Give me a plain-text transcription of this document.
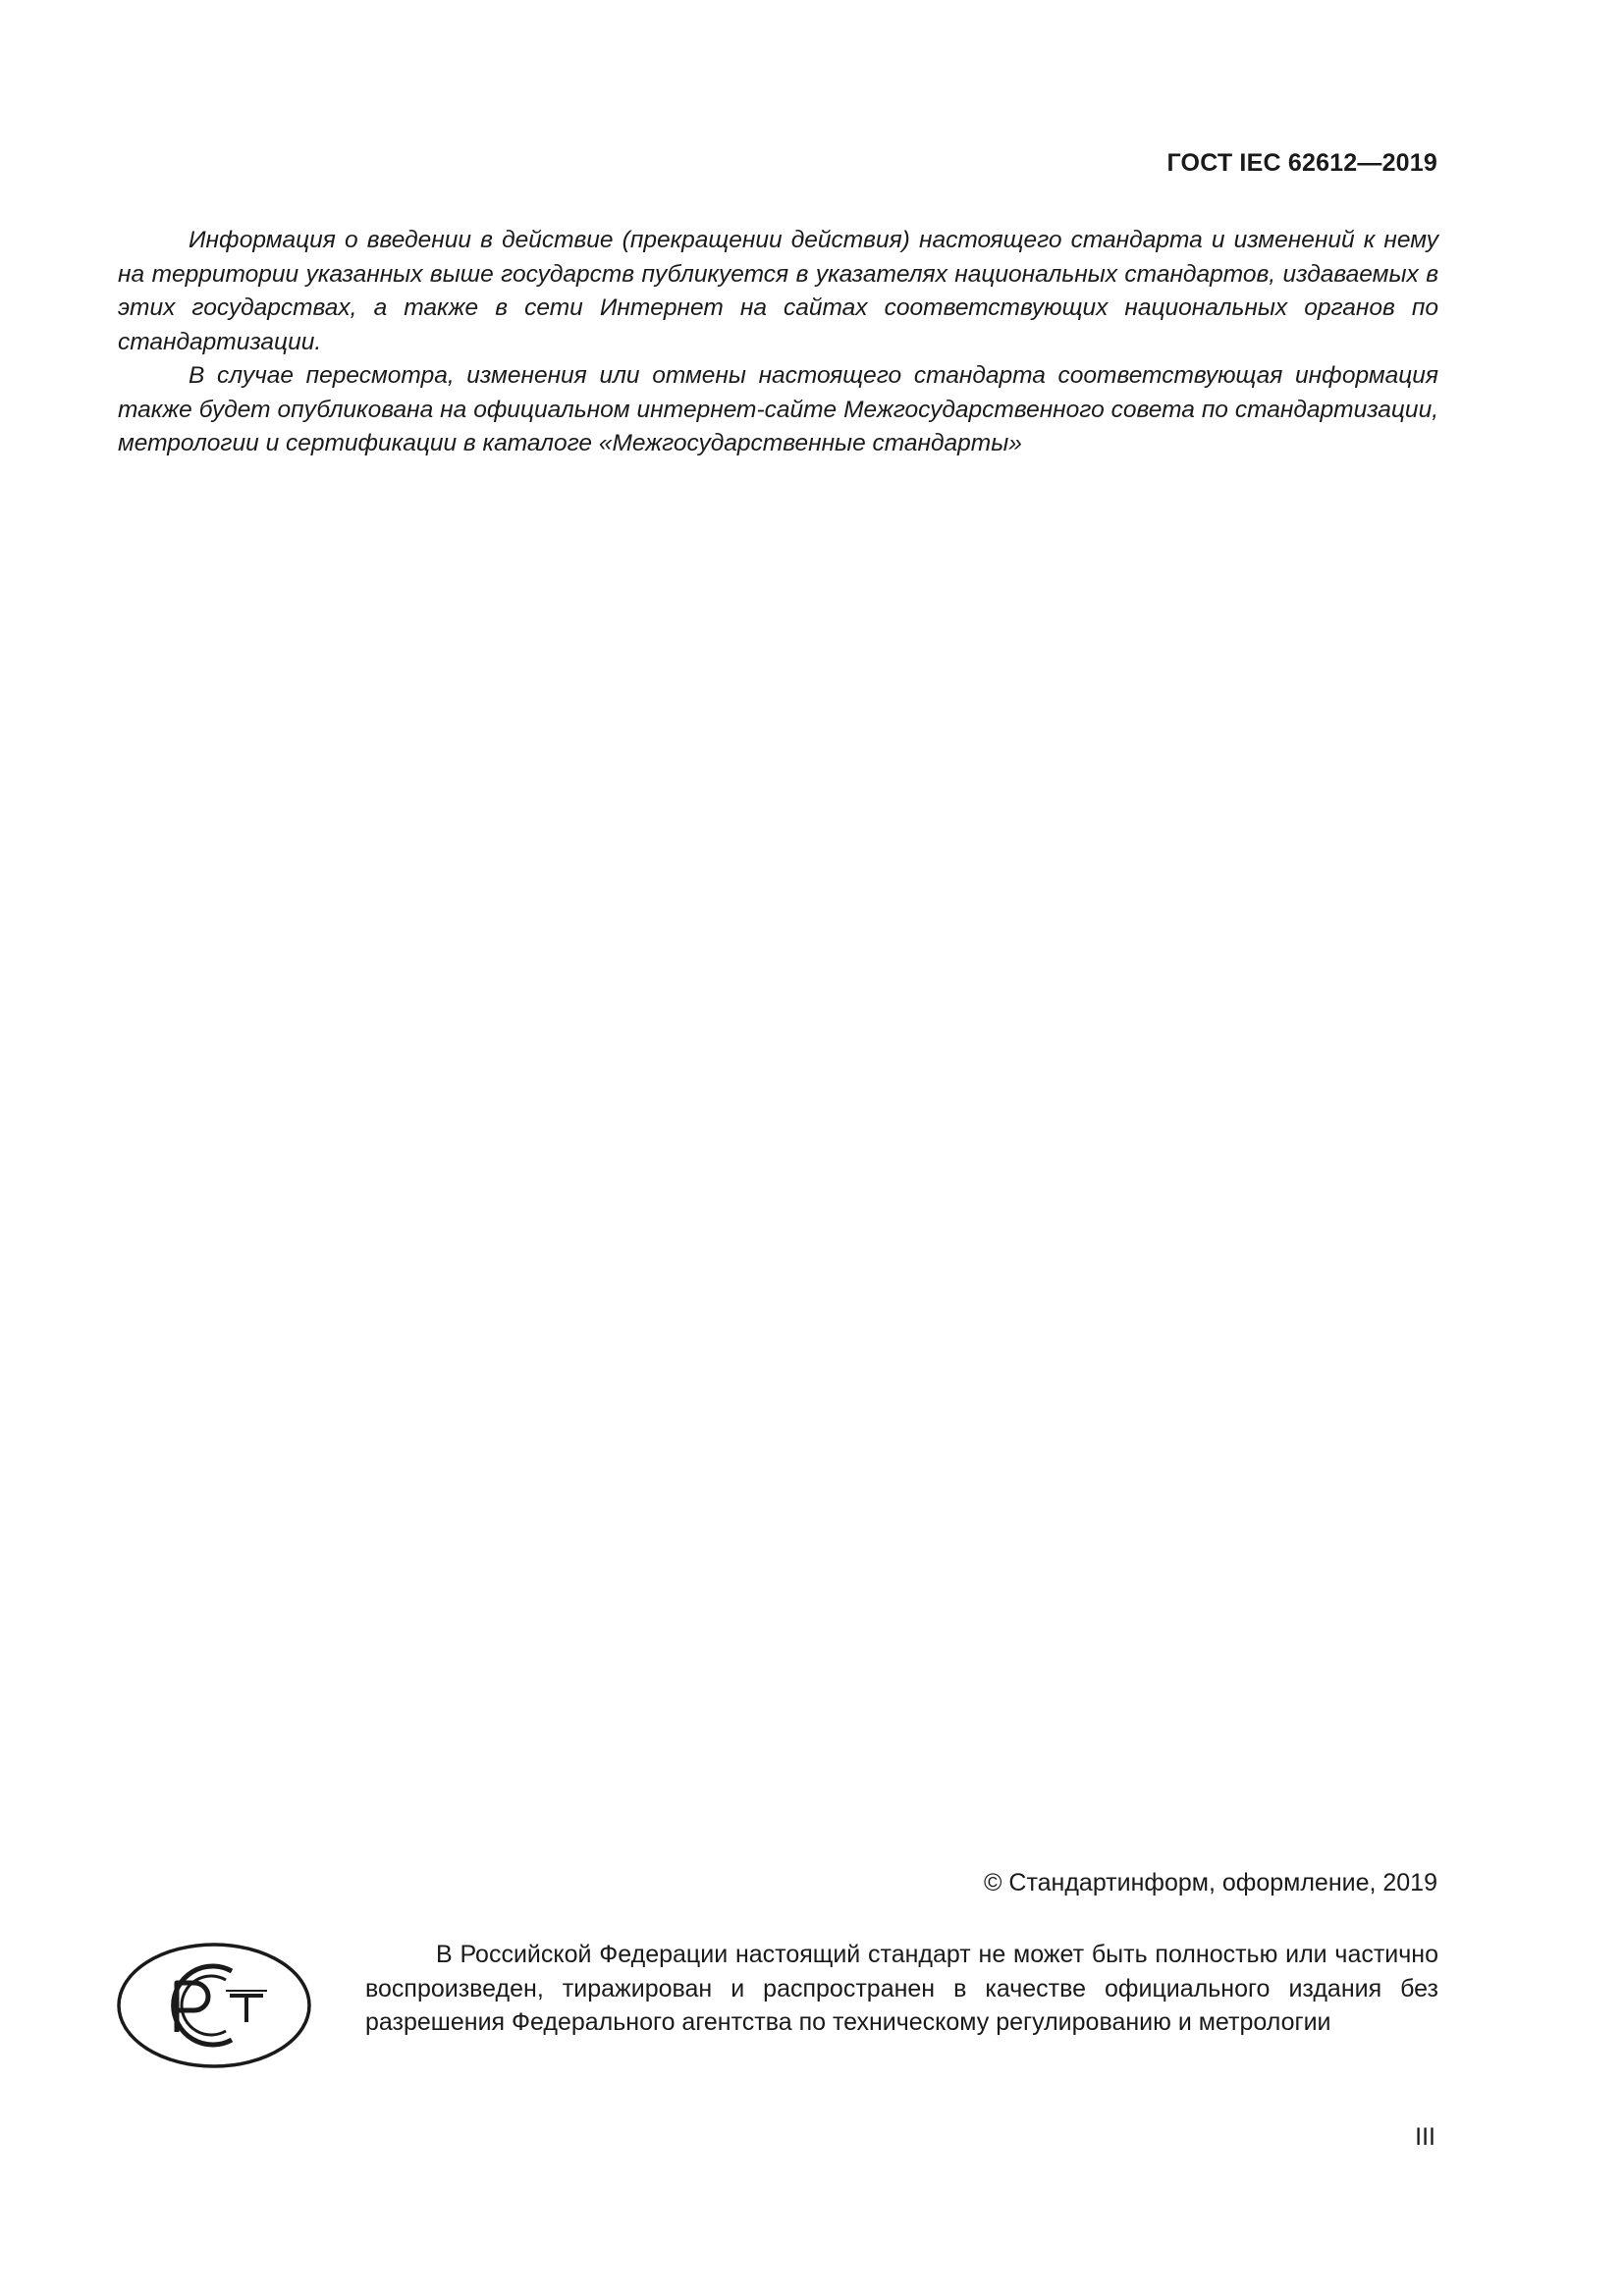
ГОСТ IEC 62612—2019

Информация о введении в действие (прекращении действия) настоящего стандарта и изменений к нему на территории указанных выше государств публикуется в указателях национальных стандартов, издаваемых в этих государствах, а также в сети Интернет на сайтах соответствующих национальных органов по стандартизации.

В случае пересмотра, изменения или отмены настоящего стандарта соответствующая информация также будет опубликована на официальном интернет-сайте Межгосударственного совета по стандартизации, метрологии и сертификации в каталоге «Межгосударственные стандарты»

© Стандартинформ, оформление, 2019

В Российской Федерации настоящий стандарт не может быть полностью или частично воспроизведен, тиражирован и распространен в качестве официального издания без разрешения Федерального агентства по техническому регулированию и метрологии

III
